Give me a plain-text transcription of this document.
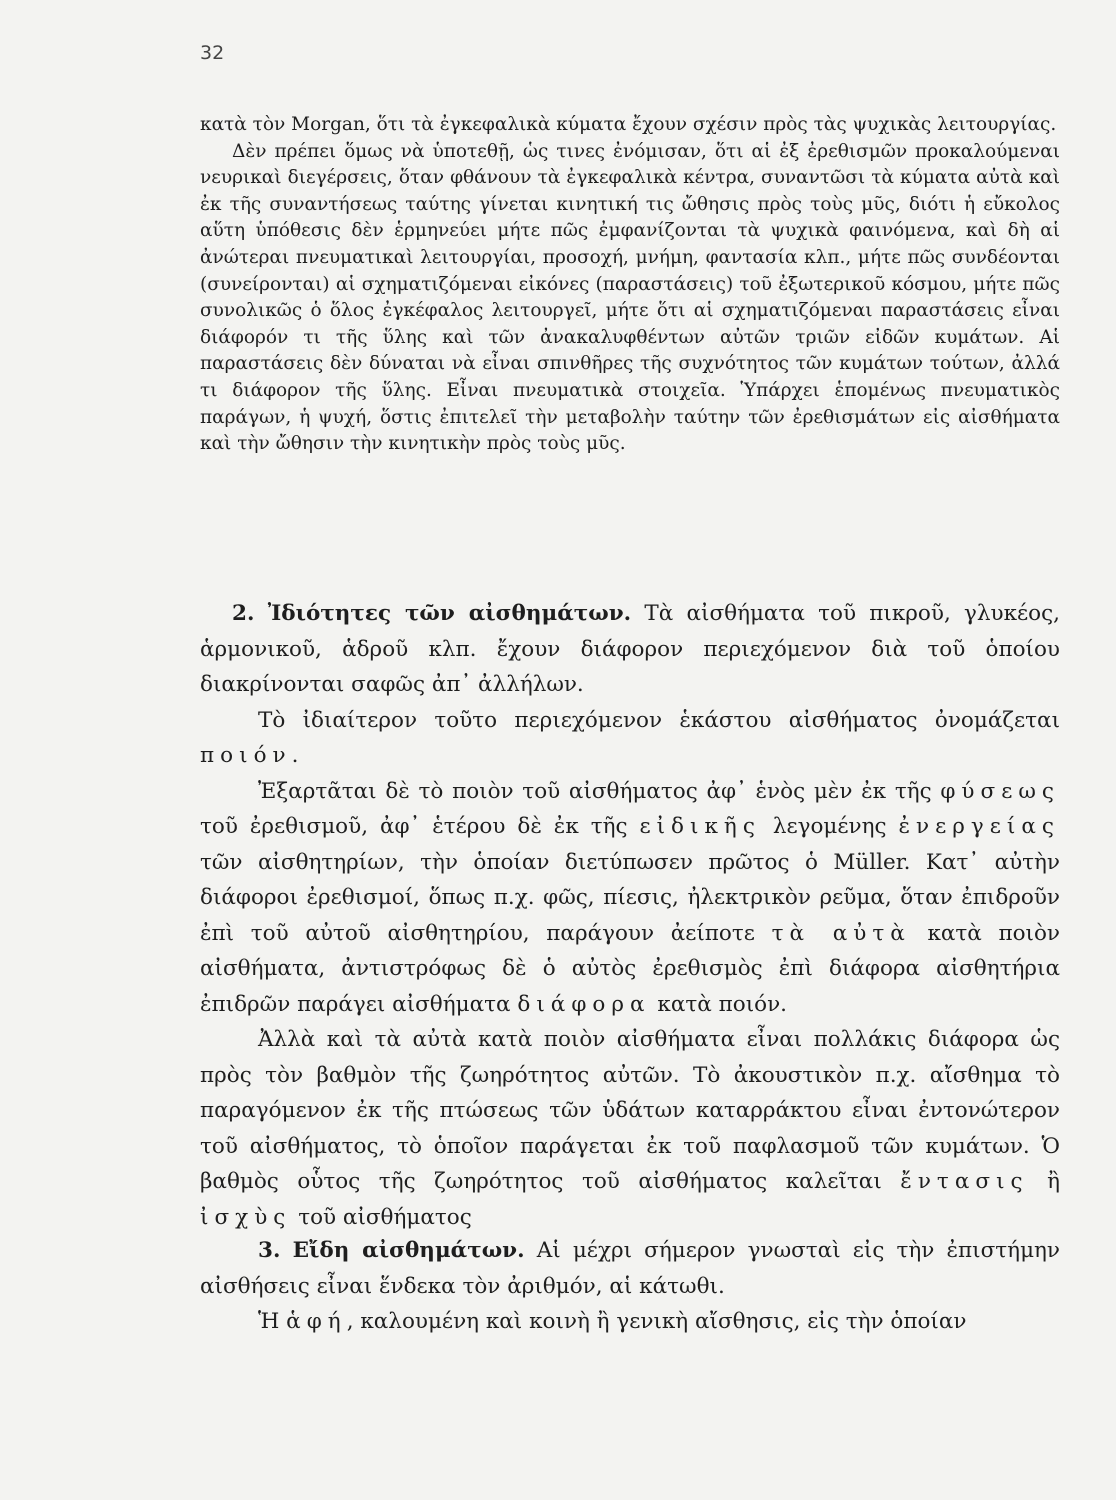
32

κατὰ τὸν Morgan, ὅτι τὰ ἐγκεφαλικὰ κύματα ἔχουν σχέσιν πρὸς τὰς ψυχικὰς λειτουργίας.

Δὲν πρέπει ὅμως νὰ ὑποτεθῇ, ὡς τινες ἐνόμισαν, ὅτι αἱ ἐξ ἐρεθισμῶν προκαλούμεναι νευρικαὶ διεγέρσεις, ὅταν φθάνουν τὰ ἐγκεφαλικὰ κέντρα, συναντῶσι τὰ κύματα αὐτὰ καὶ ἐκ τῆς συναντήσεως ταύτης γίνεται κινητική τις ὤθησις πρὸς τοὺς μῦς, διότι ἡ εὔκολος αὕτη ὑπόθεσις δὲν ἑρμηνεύει μήτε πῶς ἐμφανίζονται τὰ ψυχικὰ φαινόμενα, καὶ δὴ αἱ ἀνώτεραι πνευματικαὶ λειτουργίαι, προσοχή, μνήμη, φαντασία κλπ., μήτε πῶς συνδέονται (συνείρονται) αἱ σχηματιζόμεναι εἰκόνες (παραστάσεις) τοῦ ἐξωτερικοῦ κόσμου, μήτε πῶς συνολικῶς ὁ ὅλος ἐγκέφαλος λειτουργεῖ, μήτε ὅτι αἱ σχηματιζόμεναι παραστάσεις εἶναι διάφορόν τι τῆς ὕλης καὶ τῶν ἀνακαλυφθέντων αὐτῶν τριῶν εἰδῶν κυμάτων. Αἱ παραστάσεις δὲν δύναται νὰ εἶναι σπινθῆρες τῆς συχνότητος τῶν κυμάτων τούτων, ἀλλά τι διάφορον τῆς ὕλης. Εἶναι πνευματικὰ στοιχεῖα. Ὑπάρχει ἑπομένως πνευματικὸς παράγων, ἡ ψυχή, ὅστις ἐπιτελεῖ τὴν μεταβολὴν ταύτην τῶν ἐρεθισμάτων εἰς αἰσθήματα καὶ τὴν ὤθησιν τὴν κινητικὴν πρὸς τοὺς μῦς.

2. Ἰδιότητες τῶν αἰσθημάτων. Τὰ αἰσθήματα τοῦ πικροῦ, γλυκέος, ἁρμονικοῦ, ἁδροῦ κλπ. ἔχουν διάφορον περιεχόμενον διὰ τοῦ ὁποίου διακρίνονται σαφῶς ἀπ᾽ ἀλλήλων.

Τὸ ἰδιαίτερον τοῦτο περιεχόμενον ἑκάστου αἰσθήματος ὀνομάζεται ποιόν.

Ἐξαρτᾶται δὲ τὸ ποιὸν τοῦ αἰσθήματος ἀφ᾽ ἑνὸς μὲν ἐκ τῆς φύσεως τοῦ ἐρεθισμοῦ, ἀφ᾽ ἑτέρου δὲ ἐκ τῆς εἰδικῆς λεγομένης ἐνεργείας τῶν αἰσθητηρίων, τὴν ὁποίαν διετύπωσεν πρῶτος ὁ Müller. Κατ᾽ αὐτὴν διάφοροι ἐρεθισμοί, ὅπως π.χ. φῶς, πίεσις, ἠλεκτρικὸν ρεῦμα, ὅταν ἐπιδροῦν ἐπὶ τοῦ αὐτοῦ αἰσθητηρίου, παράγουν ἀείποτε τὰ αὐτὰ κατὰ ποιὸν αἰσθήματα, ἀντιστρόφως δὲ ὁ αὐτὸς ἐρεθισμὸς ἐπὶ διάφορα αἰσθητήρια ἐπιδρῶν παράγει αἰσθήματα διάφορα κατὰ ποιόν.

Ἀλλὰ καὶ τὰ αὐτὰ κατὰ ποιὸν αἰσθήματα εἶναι πολλάκις διάφορα ὡς πρὸς τὸν βαθμὸν τῆς ζωηρότητος αὐτῶν. Τὸ ἀκουστικὸν π.χ. αἴσθημα τὸ παραγόμενον ἐκ τῆς πτώσεως τῶν ὑδάτων καταρράκτου εἶναι ἐντονώτερον τοῦ αἰσθήματος, τὸ ὁποῖον παράγεται ἐκ τοῦ παφλασμοῦ τῶν κυμάτων. Ὁ βαθμὸς οὗτος τῆς ζωηρότητος τοῦ αἰσθήματος καλεῖται ἔντασις ἢ ἰσχὺς τοῦ αἰσθήματος

3. Εἴδη αἰσθημάτων. Αἱ μέχρι σήμερον γνωσταὶ εἰς τὴν ἐπιστήμην αἰσθήσεις εἶναι ἕνδεκα τὸν ἀριθμόν, αἱ κάτωθι.

Ἡ ἁφή, καλουμένη καὶ κοινὴ ἢ γενικὴ αἴσθησις, εἰς τὴν ὁποίαν
